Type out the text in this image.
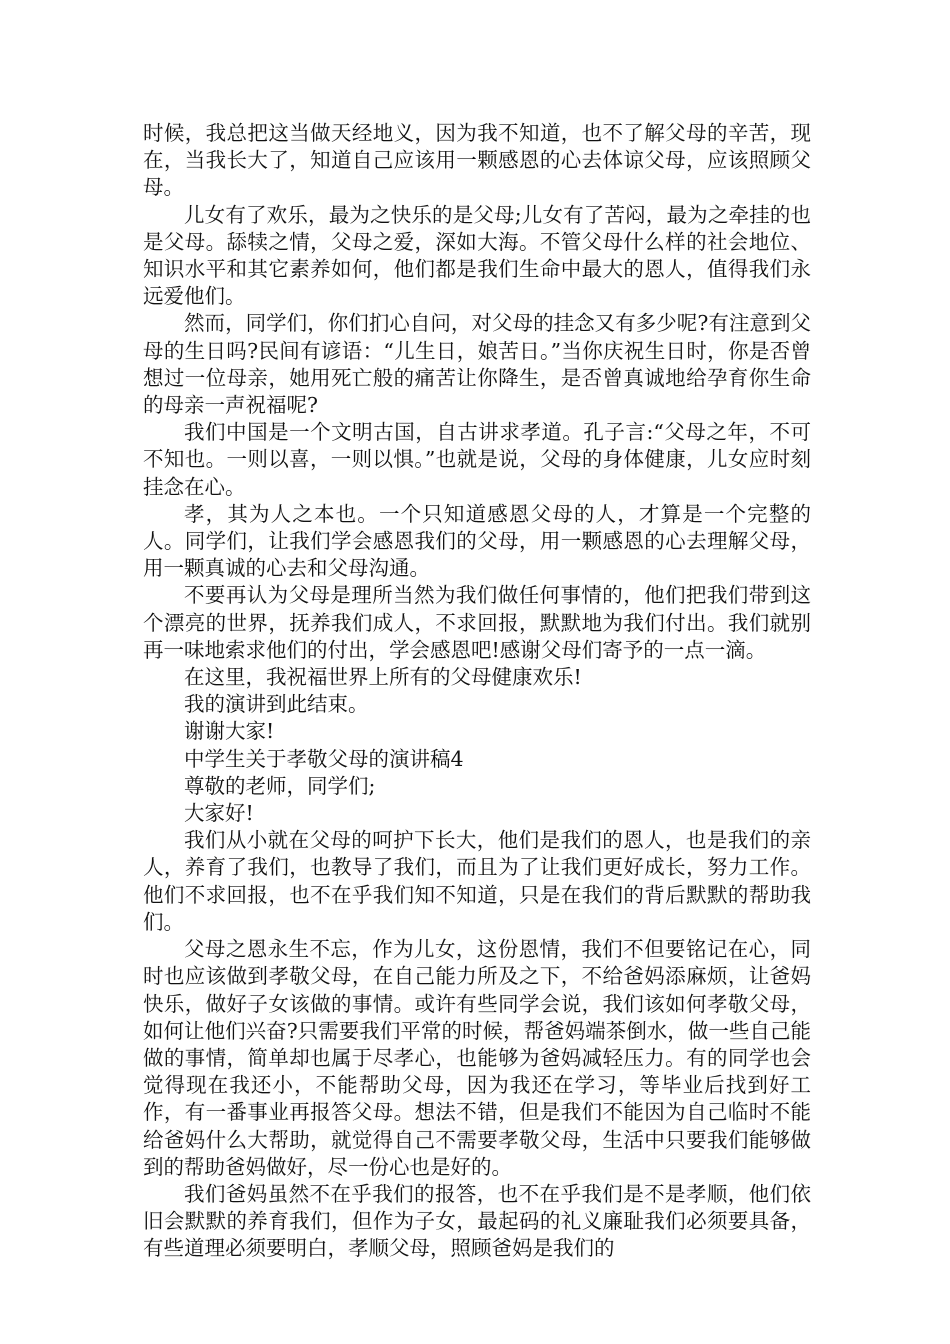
时候，我总把这当做天经地义，因为我不知道，也不了解父母的辛苦，现在，当我长大了，知道自己应该用一颗感恩的心去体谅父母，应该照顾父母。

儿女有了欢乐，最为之快乐的是父母;儿女有了苦闷，最为之牵挂的也是父母。舔犊之情，父母之爱，深如大海。不管父母什么样的社会地位、知识水平和其它素养如何，他们都是我们生命中最大的恩人，值得我们永远爱他们。

然而，同学们，你们扪心自问，对父母的挂念又有多少呢?有注意到父母的生日吗?民间有谚语：“儿生日，娘苦日。”当你庆祝生日时，你是否曾想过一位母亲，她用死亡般的痛苦让你降生，是否曾真诚地给孕育你生命的母亲一声祝福呢?

我们中国是一个文明古国，自古讲求孝道。孔子言:“父母之年，不可不知也。一则以喜，一则以惧。”也就是说，父母的身体健康，儿女应时刻挂念在心。

孝，其为人之本也。一个只知道感恩父母的人，才算是一个完整的人。同学们，让我们学会感恩我们的父母，用一颗感恩的心去理解父母，用一颗真诚的心去和父母沟通。

不要再认为父母是理所当然为我们做任何事情的，他们把我们带到这个漂亮的世界，抚养我们成人，不求回报，默默地为我们付出。我们就别再一味地索求他们的付出，学会感恩吧!感谢父母们寄予的一点一滴。

在这里，我祝福世界上所有的父母健康欢乐!

我的演讲到此结束。

谢谢大家!

中学生关于孝敬父母的演讲稿4

尊敬的老师，同学们;

大家好!

我们从小就在父母的呵护下长大，他们是我们的恩人，也是我们的亲人，养育了我们，也教导了我们，而且为了让我们更好成长，努力工作。他们不求回报，也不在乎我们知不知道，只是在我们的背后默默的帮助我们。

父母之恩永生不忘，作为儿女，这份恩情，我们不但要铭记在心，同时也应该做到孝敬父母，在自己能力所及之下，不给爸妈添麻烦，让爸妈快乐，做好子女该做的事情。或许有些同学会说，我们该如何孝敬父母，如何让他们兴奋?只需要我们平常的时候，帮爸妈端茶倒水，做一些自己能做的事情，简单却也属于尽孝心，也能够为爸妈减轻压力。有的同学也会觉得现在我还小，不能帮助父母，因为我还在学习，等毕业后找到好工作，有一番事业再报答父母。想法不错，但是我们不能因为自己临时不能给爸妈什么大帮助，就觉得自己不需要孝敬父母，生活中只要我们能够做到的帮助爸妈做好，尽一份心也是好的。

我们爸妈虽然不在乎我们的报答，也不在乎我们是不是孝顺，他们依旧会默默的养育我们，但作为子女，最起码的礼义廉耻我们必须要具备，有些道理必须要明白，孝顺父母，照顾爸妈是我们的
